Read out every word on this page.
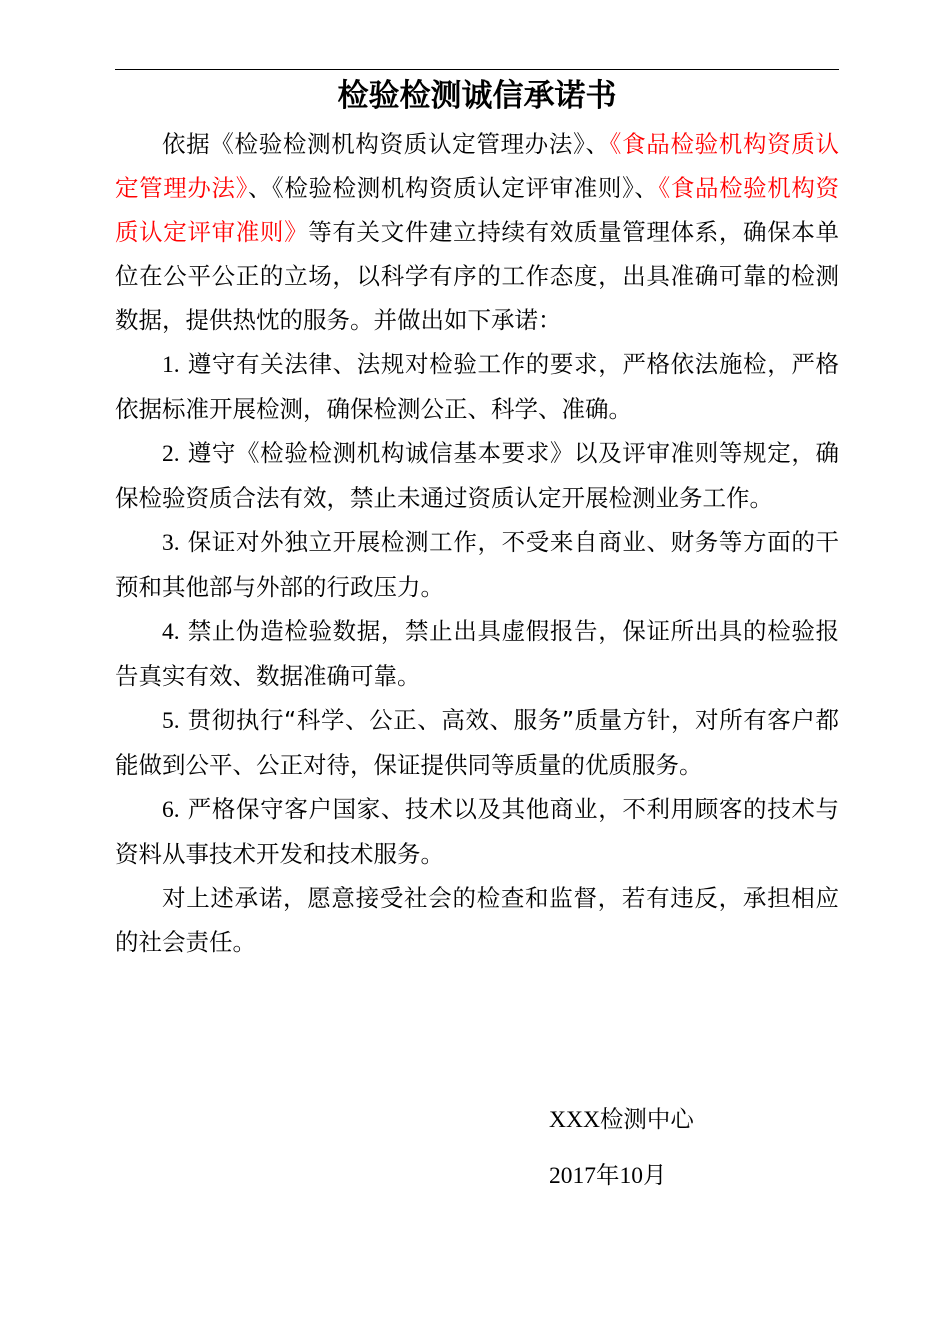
检验检测诚信承诺书

依据《检验检测机构资质认定管理办法》、《食品检验机构资质认定管理办法》、《检验检测机构资质认定评审准则》、《食品检验机构资质认定评审准则》等有关文件建立持续有效质量管理体系，确保本单位在公平公正的立场，以科学有序的工作态度，出具准确可靠的检测数据，提供热忱的服务。并做出如下承诺：

1. 遵守有关法律、法规对检验工作的要求，严格依法施检，严格依据标准开展检测，确保检测公正、科学、准确。

2. 遵守《检验检测机构诚信基本要求》以及评审准则等规定，确保检验资质合法有效，禁止未通过资质认定开展检测业务工作。

3. 保证对外独立开展检测工作，不受来自商业、财务等方面的干预和其他部与外部的行政压力。

4. 禁止伪造检验数据，禁止出具虚假报告，保证所出具的检验报告真实有效、数据准确可靠。

5. 贯彻执行“科学、公正、高效、服务”质量方针，对所有客户都能做到公平、公正对待，保证提供同等质量的优质服务。

6. 严格保守客户国家、技术以及其他商业，不利用顾客的技术与资料从事技术开发和技术服务。

对上述承诺，愿意接受社会的检查和监督，若有违反，承担相应的社会责任。

XXX检测中心
2017年10月
